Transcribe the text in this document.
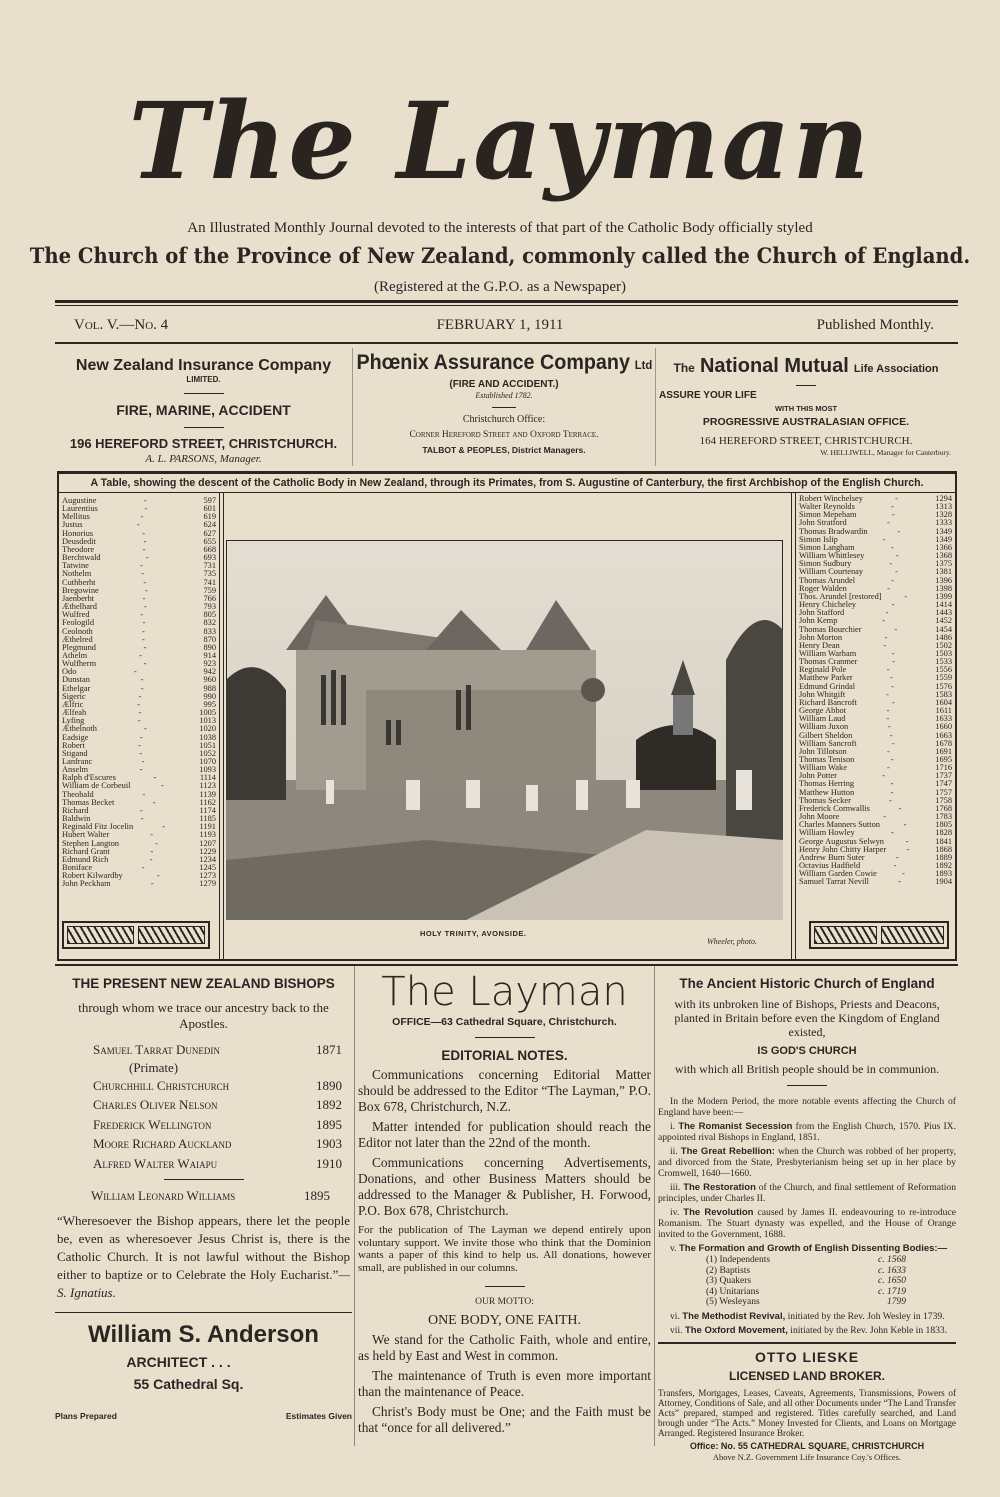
The Layman
An Illustrated Monthly Journal devoted to the interests of that part of the Catholic Body officially styled
The Church of the Province of New Zealand, commonly called the Church of England.
(Registered at the G.P.O. as a Newspaper)
Vol. V.—No. 4	FEBRUARY 1, 1911	Published Monthly.
New Zealand Insurance Company
LIMITED.
FIRE, MARINE, ACCIDENT
196 HEREFORD STREET, CHRISTCHURCH.
A. L. PARSONS, Manager.
Phœnix Assurance Company Ltd
(FIRE AND ACCIDENT.)
Established 1782.
Christchurch Office:
Corner Hereford Street and Oxford Terrace.
TALBOT & PEOPLES, District Managers.
The National Mutual Life Association
ASSURE YOUR LIFE
WITH THIS MOST
PROGRESSIVE AUSTRALASIAN OFFICE.
164 HEREFORD STREET, CHRISTCHURCH.
W. HELLIWELL, Manager for Canterbury.
A Table, showing the descent of the Catholic Body in New Zealand, through its Primates, from S. Augustine of Canterbury, the first Archbishop of the English Church.
Augustine	-	597
Laurentius	-	601
Mellitus	-	619
Justus	-	624
Honorius	-	627
Deusdedit	-	655
Theodore	-	668
Berchtwald	-	693
Tatwine	-	731
Nothelm	-	735
Cuthberht	-	741
Bregowine	-	759
Jaenberht	-	766
Æthelhard	-	793
Wulfred	-	805
Feologild	-	832
Ceolnoth	-	833
Æthelred	-	870
Plegmund	-	890
Athelm	-	914
Wulfherm	-	923
Odo	-	942
Dunstan	-	960
Ethelgar	-	988
Sigeric	-	990
Ælfric	-	995
Ælfeah	-	1005
Lyfing	-	1013
Æthelnoth	-	1020
Eadsige	-	1038
Robert	-	1051
Stigand	-	1052
Lanfranc	-	1070
Anselm	-	1093
Ralph d'Escures	-	1114
William de Corbeuil	-	1123
Theobald	-	1139
Thomas Becket	-	1162
Richard	-	1174
Baldwin	-	1185
Reginald Fitz Jocelin	-	1191
Hubert Walter	-	1193
Stephen Langton	-	1207
Richard Grant	-	1229
Edmund Rich	-	1234
Boniface	-	1245
Robert Kilwardby	-	1273
John Peckham	-	1279
Robert Winchelsey	-	1294
Walter Reynolds	-	1313
Simon Mepeham	-	1328
John Stratford	-	1333
Thomas Bradwardin	-	1349
Simon Islip	-	1349
Simon Langham	-	1366
William Whittlesey	-	1368
Simon Sudbury	-	1375
William Courtenay	-	1381
Thomas Arundel	-	1396
Roger Walden	-	1398
Thos. Arundel [restored]	-	1399
Henry Chicheley	-	1414
John Stafford	-	1443
John Kemp	-	1452
Thomas Bourchier	-	1454
John Morton	-	1486
Henry Dean	-	1502
William Warham	-	1503
Thomas Cranmer	-	1533
Reginald Pole	-	1556
Matthew Parker	-	1559
Edmund Grindal	-	1576
John Whitgift	-	1583
Richard Bancroft	-	1604
George Abbot	-	1611
William Laud	-	1633
William Juxon	-	1660
Gilbert Sheldon	-	1663
William Sancroft	-	1678
John Tillotson	-	1691
Thomas Tenison	-	1695
William Wake	-	1716
John Potter	-	1737
Thomas Herring	-	1747
Matthew Hutton	-	1757
Thomas Secker	-	1758
Frederick Cornwallis	-	1768
John Moore	-	1783
Charles Manners Sutton	-	1805
William Howley	-	1828
George Augustus Selwyn	-	1841
Henry John Chitty Harper	-	1868
Andrew Burn Suter	-	1889
Octavius Hadfield	-	1892
William Garden Cowie	-	1893
Samuel Tarrat Nevill	-	1904
HOLY TRINITY, AVONSIDE.
Wheeler, photo.
THE PRESENT NEW ZEALAND BISHOPS
through whom we trace our ancestry back to the Apostles.
Samuel Tarrat Dunedin	1871
(Primate)
Churchhill Christchurch	1890
Charles Oliver Nelson	1892
Frederick Wellington	1895
Moore Richard Auckland	1903
Alfred Walter Waiapu	1910
William Leonard Williams	1895
“Wheresoever the Bishop appears, there let the people be, even as wheresoever Jesus Christ is, there is the Catholic Church. It is not lawful without the Bishop either to baptize or to Celebrate the Holy Eucharist.”—S. Ignatius.
William S. Anderson
ARCHITECT . . .
55 Cathedral Sq.
Plans Prepared	Estimates Given
The Layman
OFFICE—63 Cathedral Square, Christchurch.
EDITORIAL NOTES.

Communications concerning Editorial Matter should be addressed to the Editor “The Layman,” P.O. Box 678, Christchurch, N.Z.

Matter intended for publication should reach the Editor not later than the 22nd of the month.

Communications concerning Advertisements, Donations, and other Business Matters should be addressed to the Manager & Publisher, H. Forwood, P.O. Box 678, Christchurch.

For the publication of The Layman we depend entirely upon voluntary support. We invite those who think that the Dominion wants a paper of this kind to help us. All donations, however small, are published in our columns.

OUR MOTTO:
ONE BODY, ONE FAITH.

We stand for the Catholic Faith, whole and entire, as held by East and West in common.

The maintenance of Truth is even more important than the maintenance of Peace.

Christ's Body must be One; and the Faith must be that “once for all delivered.”

The Ancient Historic Church of England
with its unbroken line of Bishops, Priests and Deacons, planted in Britain before even the Kingdom of England existed,
IS GOD'S CHURCH
with which all British people should be in communion.
In the Modern Period, the more notable events affecting the Church of England have been:—

i. The Romanist Secession from the English Church, 1570. Pius IX. appointed rival Bishops in England, 1851.

ii. The Great Rebellion: when the Church was robbed of her property, and divorced from the State, Presbyterianism being set up in her place by Cromwell, 1640—1660.

iii. The Restoration of the Church, and final settlement of Reformation principles, under Charles II.

iv. The Revolution caused by James II. endeavouring to re-introduce Romanism. The Stuart dynasty was expelled, and the House of Orange invited to the Government, 1688.

v. The Formation and Growth of English Dissenting Bodies:—

(1) Independents	c. 1568
(2) Baptists	c. 1633
(3) Quakers	c. 1650
(4) Unitarians	c. 1719
(5) Wesleyans	1799

vi. The Methodist Revival, initiated by the Rev. Joh Wesley in 1739.

vii. The Oxford Movement, initiated by the Rev. John Keble in 1833.

OTTO LIESKE
LICENSED LAND BROKER.
Transfers, Mortgages, Leases, Caveats, Agreements, Transmissions, Powers of Attorney, Conditions of Sale, and all other Documents under “The Land Transfer Acts” prepared, stamped and registered. Titles carefully searched, and Land brough under “The Acts.” Money Invested for Clients, and Loans on Mortgage Arranged. Registered Insurance Broker.
Office: No. 55 CATHEDRAL SQUARE, CHRISTCHURCH
Above N.Z. Government Life Insurance Coy.'s Offices.
